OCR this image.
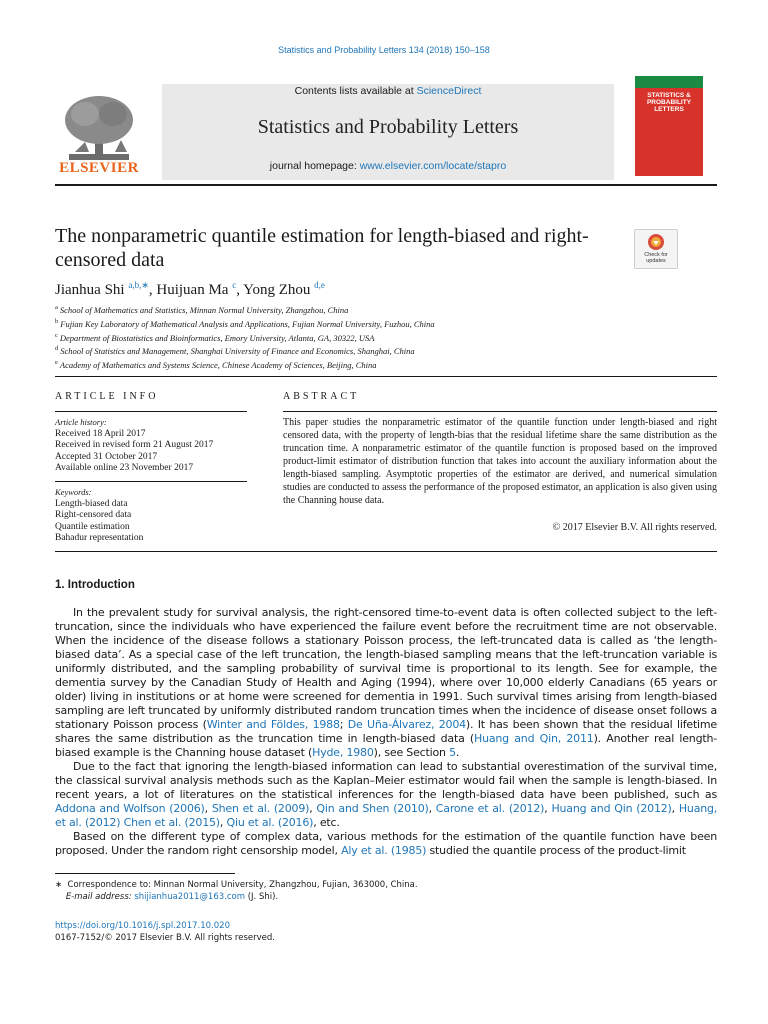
Statistics and Probability Letters 134 (2018) 150–158
ELSEVIER
Contents lists available at ScienceDirect
Statistics and Probability Letters
journal homepage: www.elsevier.com/locate/stapro
STATISTICS & PROBABILITY LETTERS
The nonparametric quantile estimation for length-biased and right-censored data	Check for updates
Jianhua Shi $^{a,b,∗}$, Huijuan Ma $^c$, Yong Zhou $^{d,e}$
$^a$ School of Mathematics and Statistics, Minnan Normal University, Zhangzhou, China
$^b$ Fujian Key Laboratory of Mathematical Analysis and Applications, Fujian Normal University, Fuzhou, China
$^c$ Department of Biostatistics and Bioinformatics, Emory University, Atlanta, GA, 30322, USA
$^d$ School of Statistics and Management, Shanghai University of Finance and Economics, Shanghai, China
$^e$ Academy of Mathematics and Systems Science, Chinese Academy of Sciences, Beijing, China
ARTICLE INFO	ABSTRACT
Article history:
Received 18 April 2017
Received in revised form 21 August 2017
Accepted 31 October 2017
Available online 23 November 2017
Keywords:
Length-biased data
Right-censored data
Quantile estimation
Bahadur representation
This paper studies the nonparametric estimator of the quantile function under length-biased and right censored data, with the property of length-bias that the residual lifetime share the same distribution as the truncation time. A nonparametric estimator of the quantile function is proposed based on the improved product-limit estimator of distribution function that takes into account the auxiliary information about the length-biased sampling. Asymptotic properties of the estimator are derived, and numerical simulation studies are conducted to assess the performance of the proposed estimator, an application is also given using the Channing house data.
© 2017 Elsevier B.V. All rights reserved.
1. Introduction

In the prevalent study for survival analysis, the right-censored time-to-event data is often collected subject to the left-truncation, since the individuals who have experienced the failure event before the recruitment time are not observable. When the incidence of the disease follows a stationary Poisson process, the left-truncated data is called as ‘the length-biased data’. As a special case of the left truncation, the length-biased sampling means that the left-truncation variable is uniformly distributed, and the sampling probability of survival time is proportional to its length. See for example, the dementia survey by the Canadian Study of Health and Aging (1994), where over 10,000 elderly Canadians (65 years or older) living in institutions or at home were screened for dementia in 1991. Such survival times arising from length-biased sampling are left truncated by uniformly distributed random truncation times when the incidence of disease onset follows a stationary Poisson process (Winter and Földes, 1988; De Uña-Álvarez, 2004). It has been shown that the residual lifetime shares the same distribution as the truncation time in length-biased data (Huang and Qin, 2011). Another real length-biased example is the Channing house dataset (Hyde, 1980), see Section 5.

Due to the fact that ignoring the length-biased information can lead to substantial overestimation of the survival time, the classical survival analysis methods such as the Kaplan–Meier estimator would fail when the sample is length-biased. In recent years, a lot of literatures on the statistical inferences for the length-biased data have been published, such as Addona and Wolfson (2006), Shen et al. (2009), Qin and Shen (2010), Carone et al. (2012), Huang and Qin (2012), Huang, et al. (2012) Chen et al. (2015), Qiu et al. (2016), etc.

Based on the different type of complex data, various methods for the estimation of the quantile function have been proposed. Under the random right censorship model, Aly et al. (1985) studied the quantile process of the product-limit

∗ Correspondence to: Minnan Normal University, Zhangzhou, Fujian, 363000, China.
E-mail address: shijianhua2011@163.com (J. Shi).
https://doi.org/10.1016/j.spl.2017.10.020
0167-7152/© 2017 Elsevier B.V. All rights reserved.
